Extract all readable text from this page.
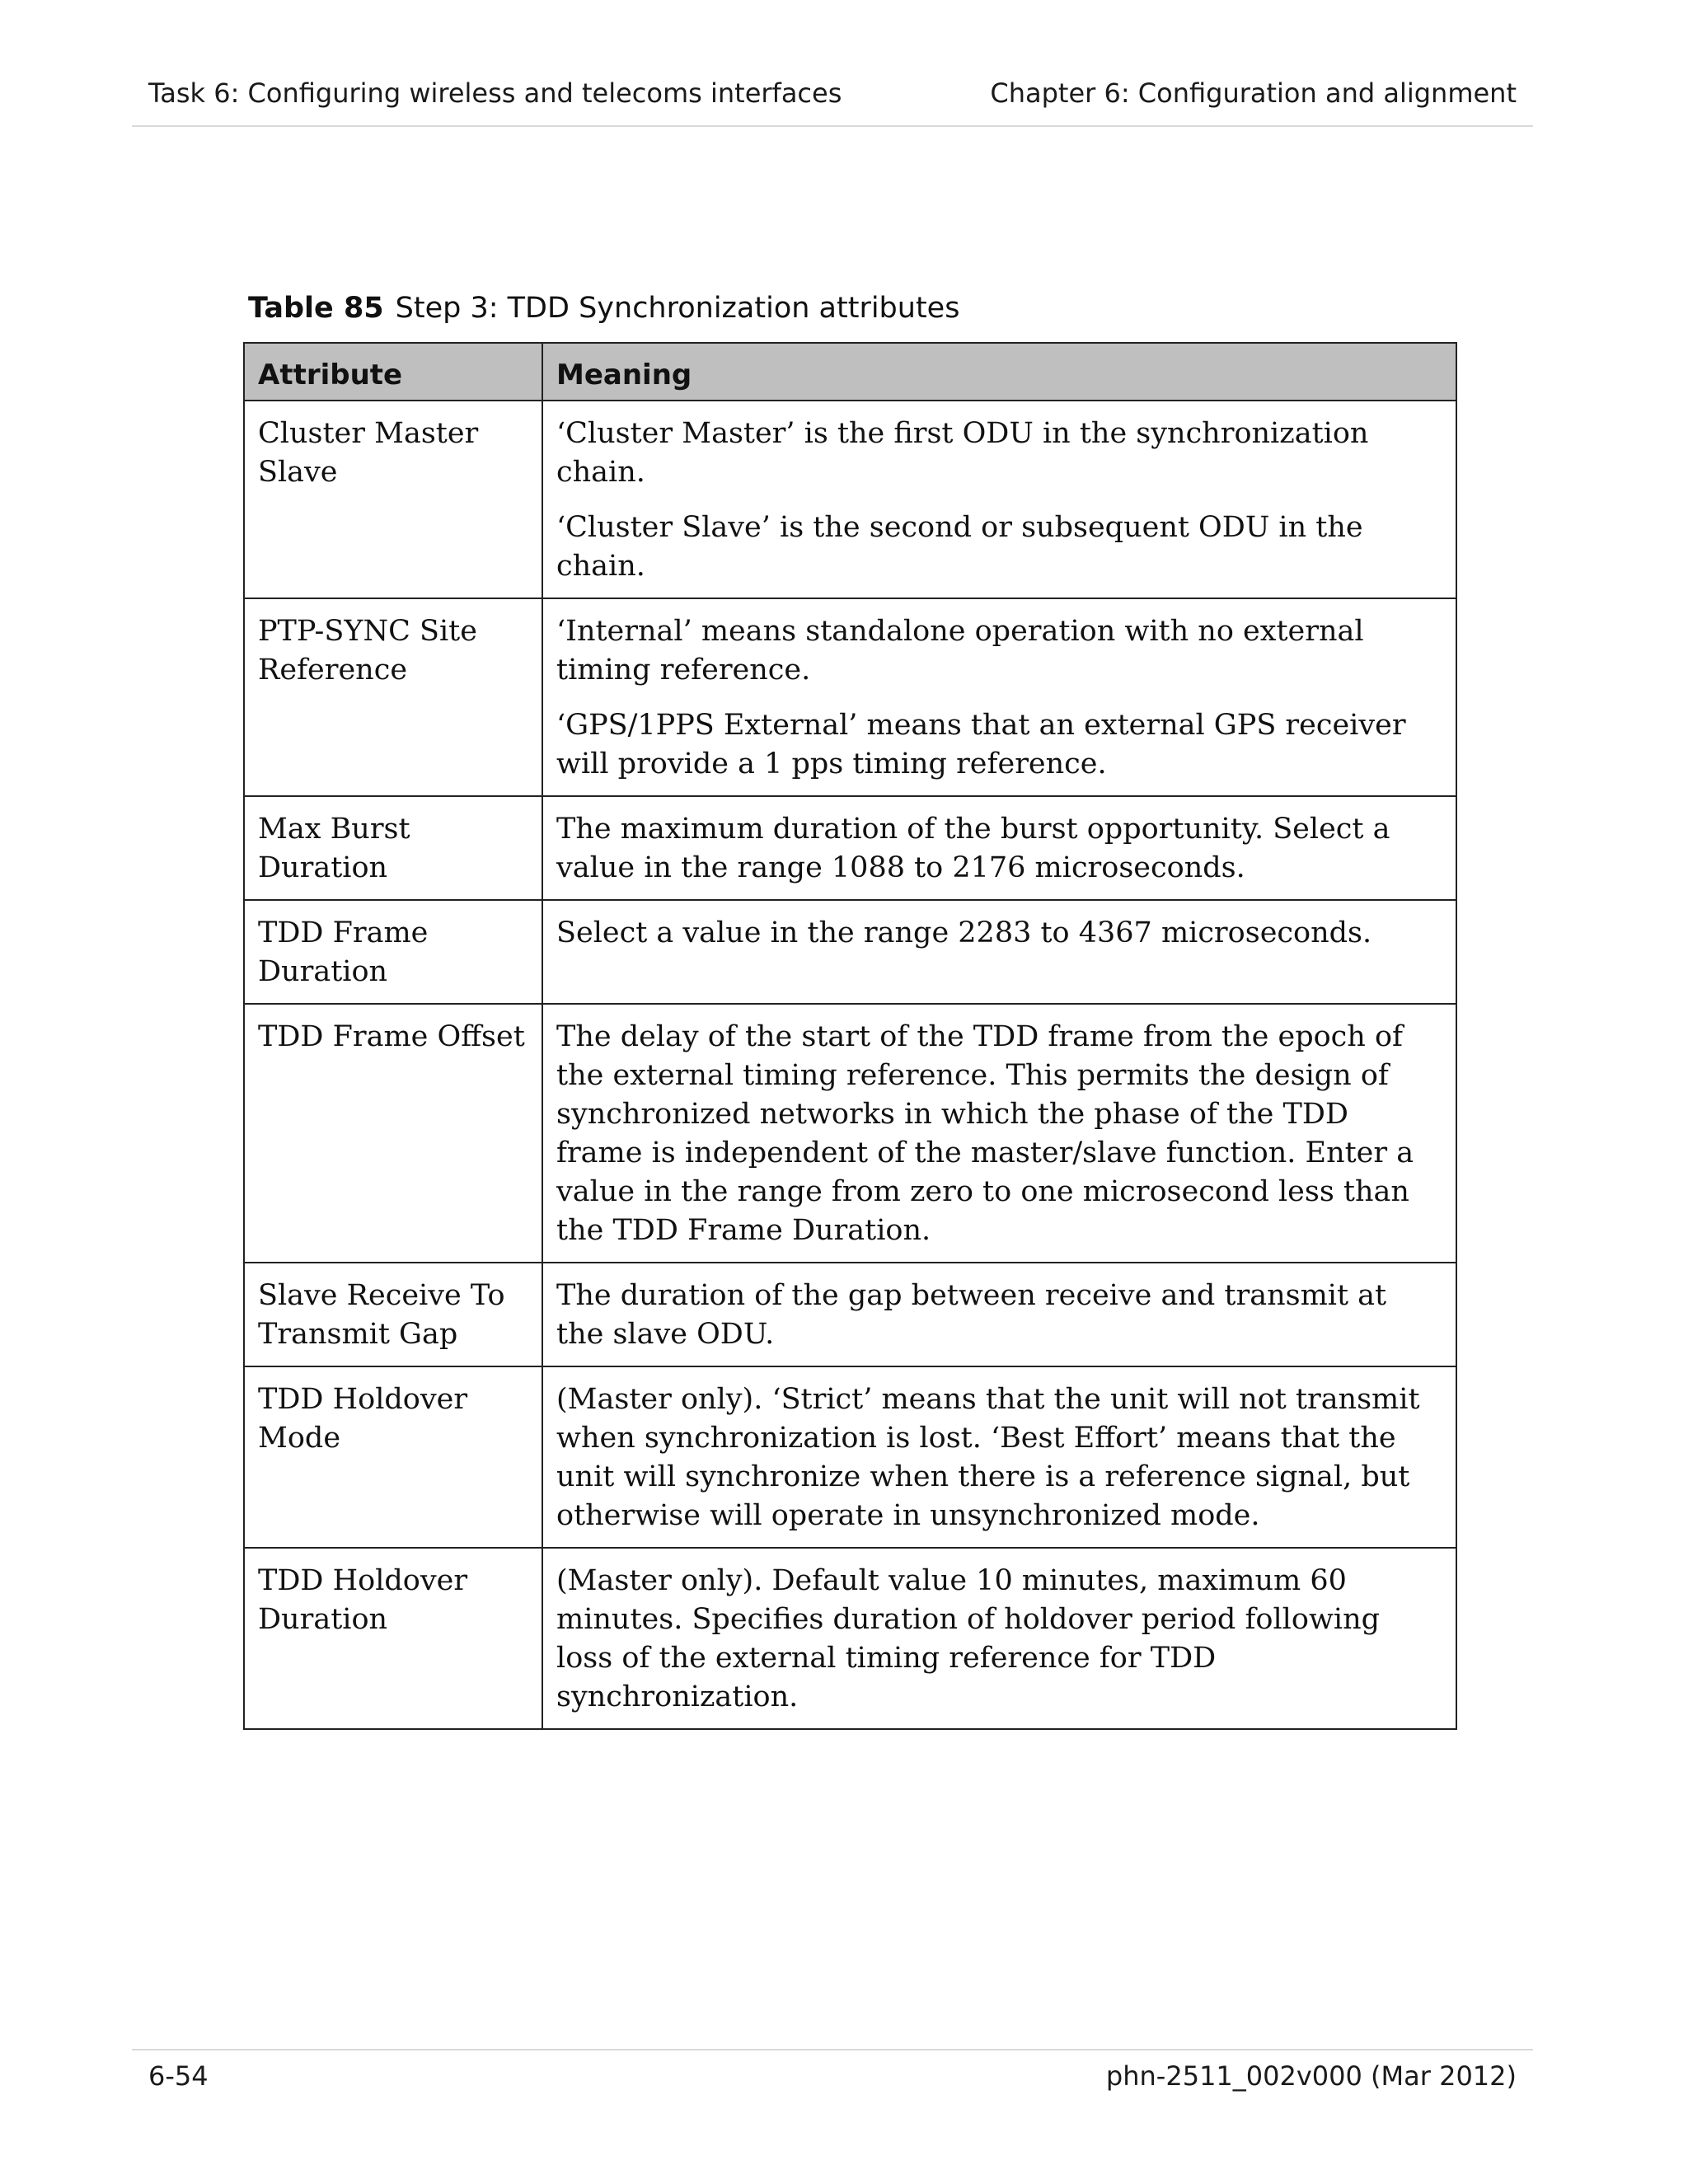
Task 6: Configuring wireless and telecoms interfaces	Chapter 6: Configuration and alignment
Table 85 Step 3: TDD Synchronization attributes
Attribute	Meaning
Cluster Master Slave	‘Cluster Master’ is the first ODU in the synchronization chain.

‘Cluster Slave’ is the second or subsequent ODU in the chain.

PTP-SYNC Site Reference	‘Internal’ means standalone operation with no external timing reference.

‘GPS/1PPS External’ means that an external GPS receiver will provide a 1 pps timing reference.

Max Burst Duration	The maximum duration of the burst opportunity. Select a value in the range 1088 to 2176 microseconds.

TDD Frame Duration	Select a value in the range 2283 to 4367 microseconds.

TDD Frame Offset	The delay of the start of the TDD frame from the epoch of the external timing reference. This permits the design of synchronized networks in which the phase of the TDD frame is independent of the master/slave function. Enter a value in the range from zero to one microsecond less than the TDD Frame Duration.

Slave Receive To Transmit Gap	The duration of the gap between receive and transmit at the slave ODU.

TDD Holdover Mode	(Master only). ‘Strict’ means that the unit will not transmit when synchronization is lost. ‘Best Effort’ means that the unit will synchronize when there is a reference signal, but otherwise will operate in unsynchronized mode.

TDD Holdover Duration	(Master only). Default value 10 minutes, maximum 60 minutes. Specifies duration of holdover period following loss of the external timing reference for TDD synchronization.

6-54	phn-2511_002v000 (Mar 2012)
